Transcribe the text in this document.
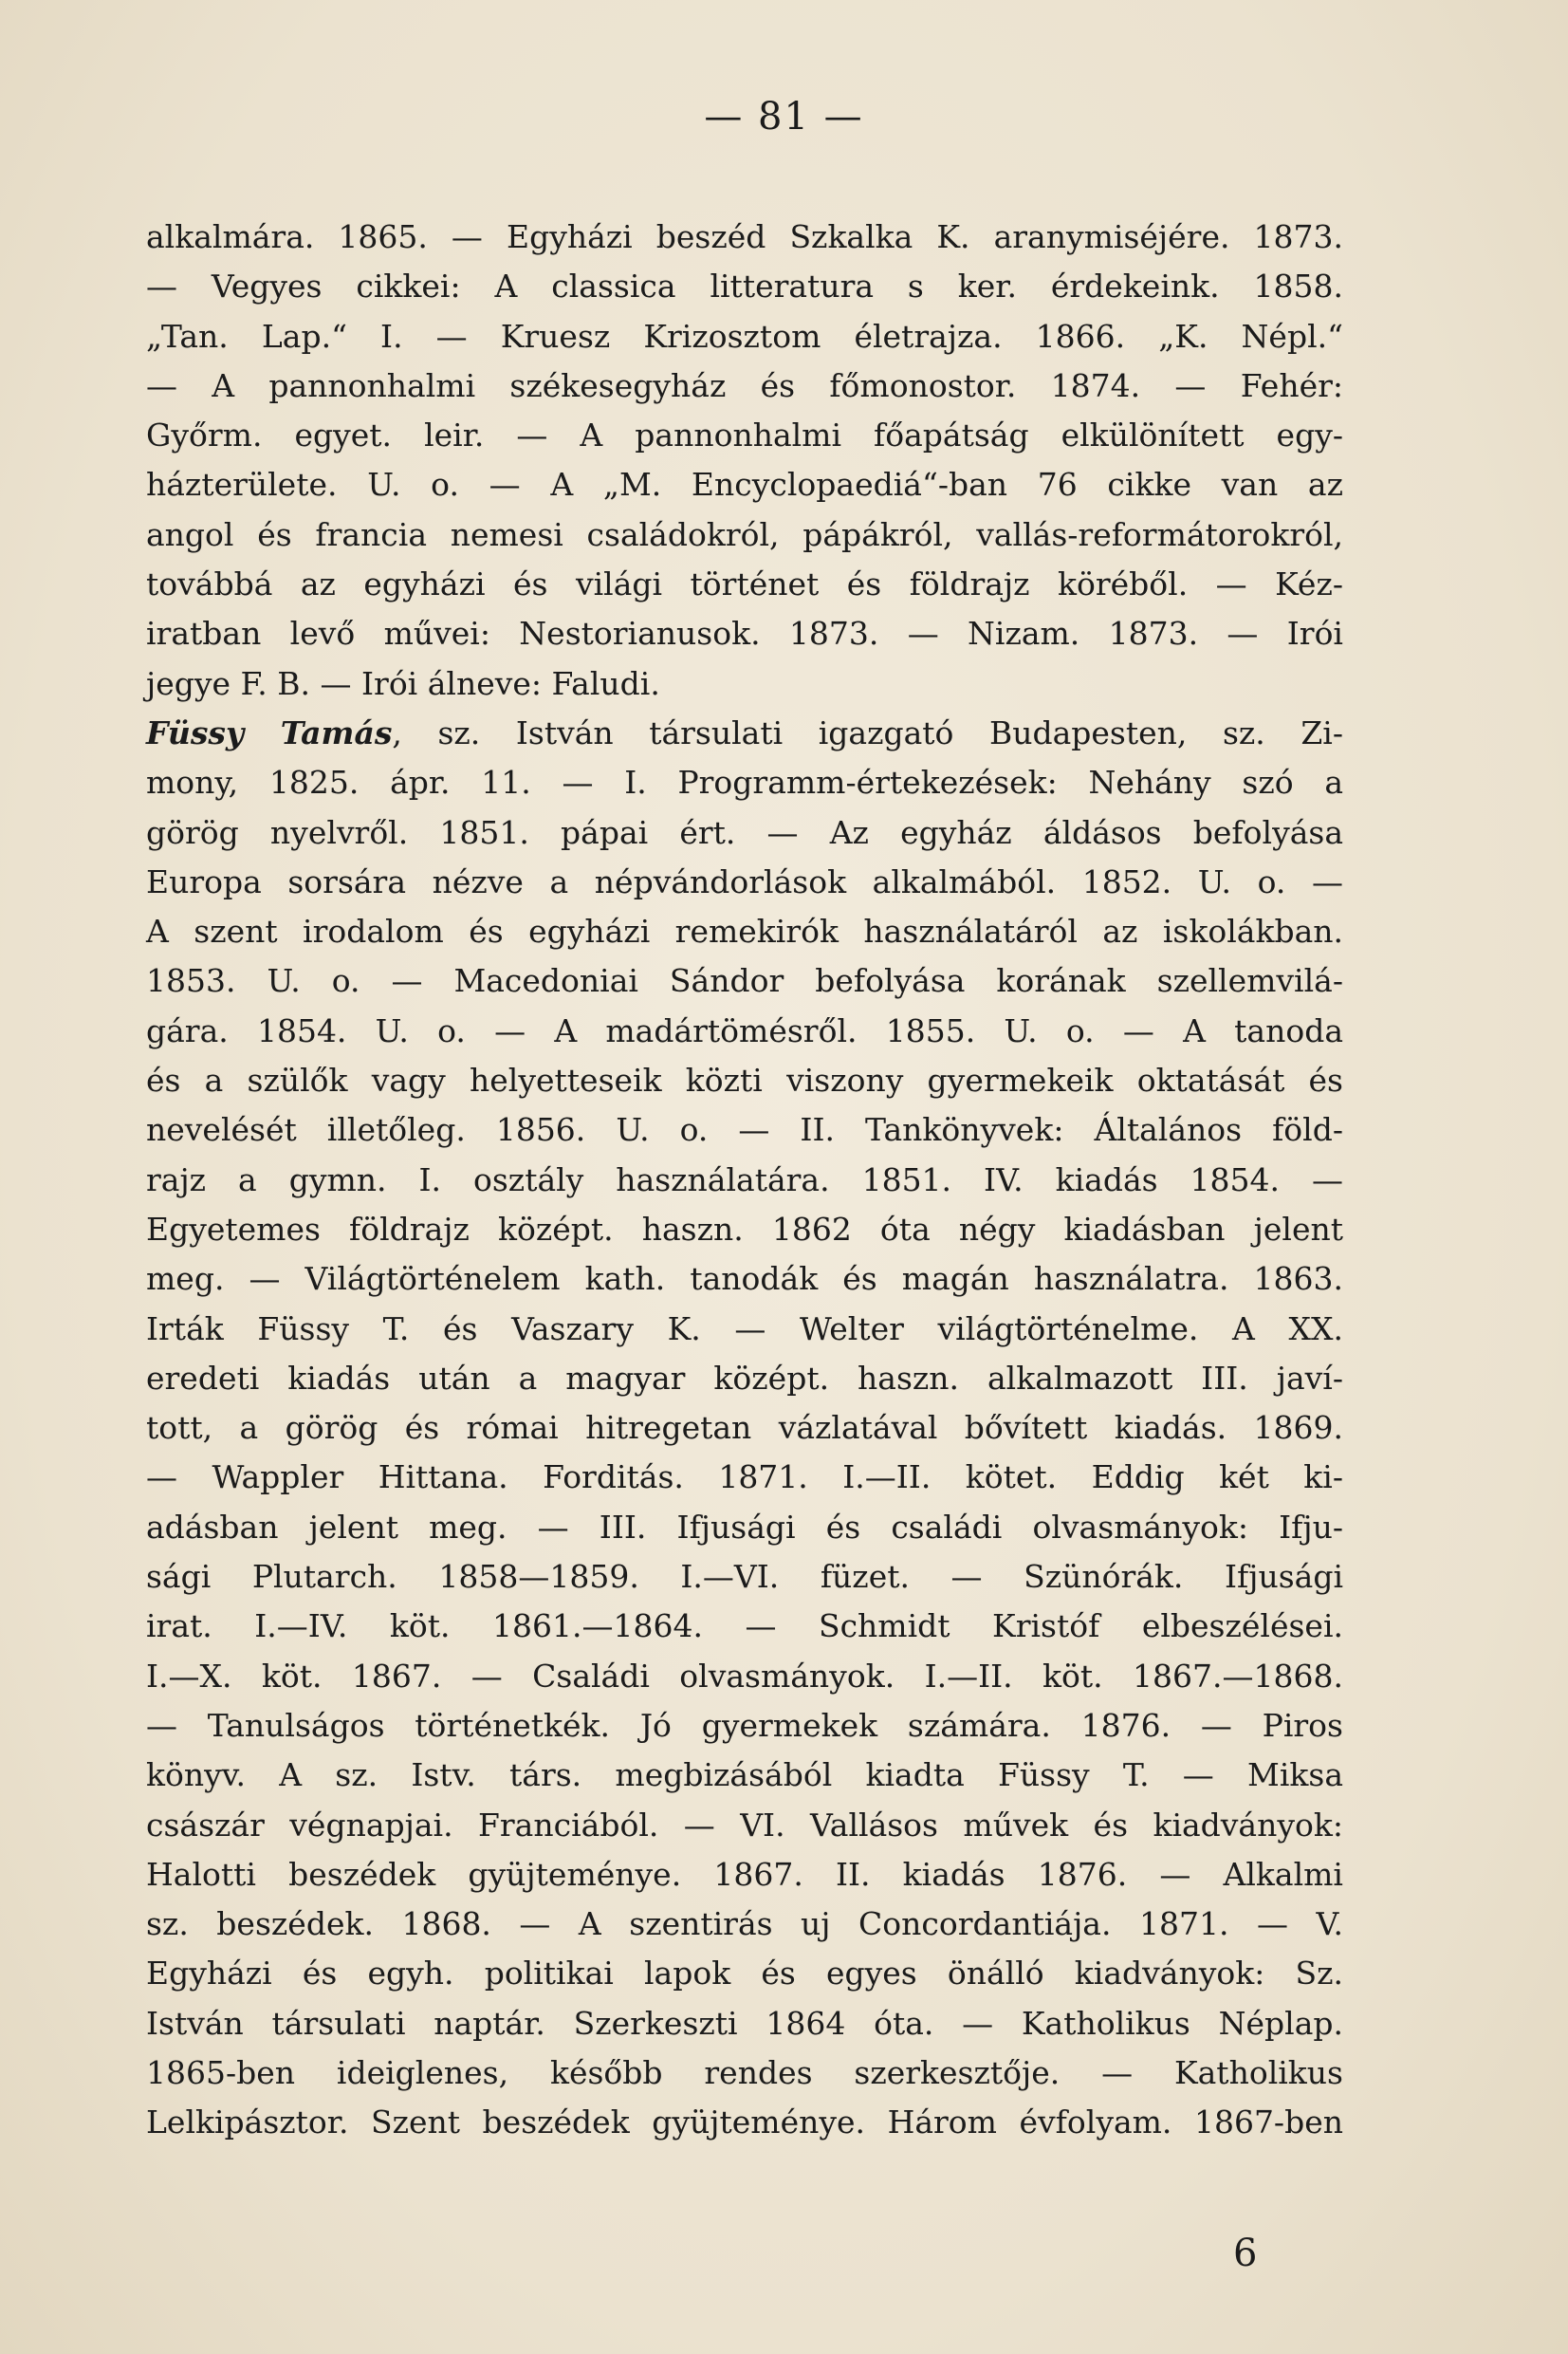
— 81 —
alkalmára. 1865. — Egyházi beszéd Szkalka K. aranymiséjére. 1873.
— Vegyes cikkei: A classica litteratura s ker. érdekeink. 1858.
„Tan. Lap.“ I. — Kruesz Krizosztom életrajza. 1866. „K. Népl.“
— A pannonhalmi székesegyház és főmonostor. 1874. — Fehér:
Győrm. egyet. leir. — A pannonhalmi főapátság elkülönített egy-
házterülete. U. o. — A „M. Encyclopaediá“-ban 76 cikke van az
angol és francia nemesi családokról, pápákról, vallás-reformátorokról,
továbbá az egyházi és világi történet és földrajz köréből. — Kéz-
iratban levő művei: Nestorianusok. 1873. — Nizam. 1873. — Irói
jegye F. B. — Irói álneve: Faludi.
Füssy Tamás, sz. István társulati igazgató Budapesten, sz. Zi-
mony, 1825. ápr. 11. — I. Programm-értekezések: Nehány szó a
görög nyelvről. 1851. pápai ért. — Az egyház áldásos befolyása
Europa sorsára nézve a népvándorlások alkalmából. 1852. U. o. —
A szent irodalom és egyházi remekirók használatáról az iskolákban.
1853. U. o. — Macedoniai Sándor befolyása korának szellemvilá-
gára. 1854. U. o. — A madártömésről. 1855. U. o. — A tanoda
és a szülők vagy helyetteseik közti viszony gyermekeik oktatását és
nevelését illetőleg. 1856. U. o. — II. Tankönyvek: Általános föld-
rajz a gymn. I. osztály használatára. 1851. IV. kiadás 1854. —
Egyetemes földrajz középt. haszn. 1862 óta négy kiadásban jelent
meg. — Világtörténelem kath. tanodák és magán használatra. 1863.
Irták Füssy T. és Vaszary K. — Welter világtörténelme. A XX.
eredeti kiadás után a magyar középt. haszn. alkalmazott III. javí-
tott, a görög és római hitregetan vázlatával bővített kiadás. 1869.
— Wappler Hittana. Forditás. 1871. I.—II. kötet. Eddig két ki-
adásban jelent meg. — III. Ifjusági és családi olvasmányok: Ifju-
sági Plutarch. 1858—1859. I.—VI. füzet. — Szünórák. Ifjusági
irat. I.—IV. köt. 1861.—1864. — Schmidt Kristóf elbeszélései.
I.—X. köt. 1867. — Családi olvasmányok. I.—II. köt. 1867.—1868.
— Tanulságos történetkék. Jó gyermekek számára. 1876. — Piros
könyv. A sz. Istv. társ. megbizásából kiadta Füssy T. — Miksa
császár végnapjai. Franciából. — VI. Vallásos művek és kiadványok:
Halotti beszédek gyüjteménye. 1867. II. kiadás 1876. — Alkalmi
sz. beszédek. 1868. — A szentirás uj Concordantiája. 1871. — V.
Egyházi és egyh. politikai lapok és egyes önálló kiadványok: Sz.
István társulati naptár. Szerkeszti 1864 óta. — Katholikus Néplap.
1865-ben ideiglenes, később rendes szerkesztője. — Katholikus
Lelkipásztor. Szent beszédek gyüjteménye. Három évfolyam. 1867-ben
6
